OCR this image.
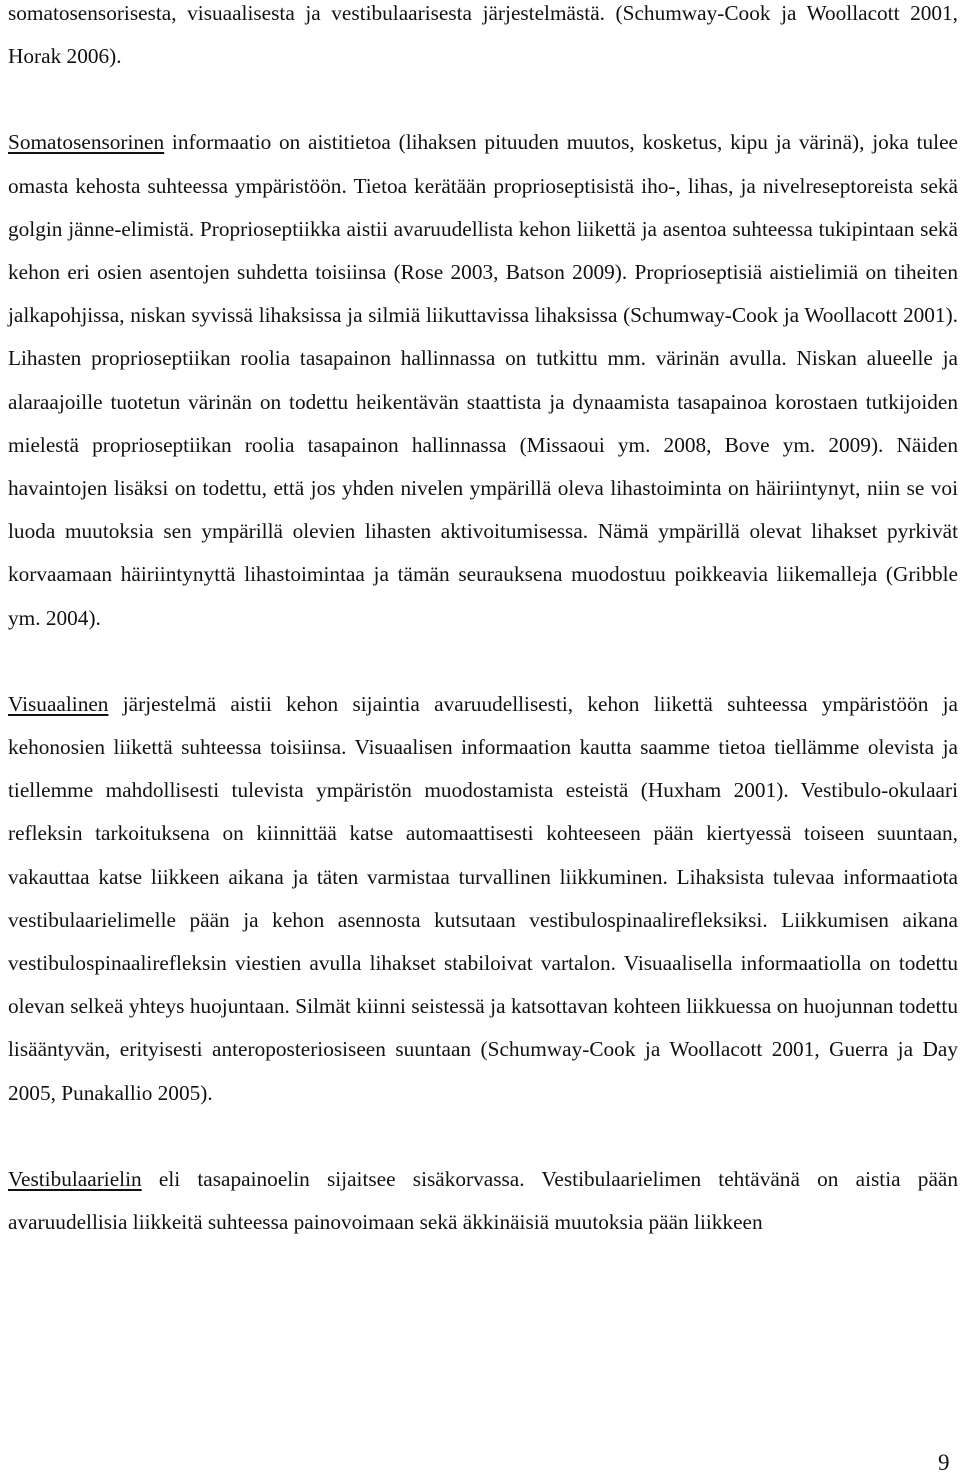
somatosensorisesta, visuaalisesta ja vestibulaarisesta järjestelmästä. (Schumway-Cook ja Woollacott 2001, Horak 2006).

Somatosensorinen informaatio on aistitietoa (lihaksen pituuden muutos, kosketus, kipu ja värinä), joka tulee omasta kehosta suhteessa ympäristöön. Tietoa kerätään proprioseptisistä iho-, lihas, ja nivelreseptoreista sekä golgin jänne-elimistä. Proprioseptiikka aistii avaruudellista kehon liikettä ja asentoa suhteessa tukipintaan sekä kehon eri osien asentojen suhdetta toisiinsa (Rose 2003, Batson 2009). Proprioseptisiä aistielimiä on tiheiten jalkapohjissa, niskan syvissä lihaksissa ja silmiä liikuttavissa lihaksissa (Schumway-Cook ja Woollacott 2001). Lihasten proprioseptiikan roolia tasapainon hallinnassa on tutkittu mm. värinän avulla. Niskan alueelle ja alaraajoille tuotetun värinän on todettu heikentävän staattista ja dynaamista tasapainoa korostaen tutkijoiden mielestä proprioseptiikan roolia tasapainon hallinnassa (Missaoui ym. 2008, Bove ym. 2009). Näiden havaintojen lisäksi on todettu, että jos yhden nivelen ympärillä oleva lihastoiminta on häiriintynyt, niin se voi luoda muutoksia sen ympärillä olevien lihasten aktivoitumisessa. Nämä ympärillä olevat lihakset pyrkivät korvaamaan häiriintynyttä lihastoimintaa ja tämän seurauksena muodostuu poikkeavia liikemalleja (Gribble ym. 2004).

Visuaalinen järjestelmä aistii kehon sijaintia avaruudellisesti, kehon liikettä suhteessa ympäristöön ja kehonosien liikettä suhteessa toisiinsa. Visuaalisen informaation kautta saamme tietoa tiellämme olevista ja tiellemme mahdollisesti tulevista ympäristön muodostamista esteistä (Huxham 2001). Vestibulo-okulaari refleksin tarkoituksena on kiinnittää katse automaattisesti kohteeseen pään kiertyessä toiseen suuntaan, vakauttaa katse liikkeen aikana ja täten varmistaa turvallinen liikkuminen. Lihaksista tulevaa informaatiota vestibulaarielimelle pään ja kehon asennosta kutsutaan vestibulospinaalirefleksiksi. Liikkumisen aikana vestibulospinaalirefleksin viestien avulla lihakset stabiloivat vartalon. Visuaalisella informaatiolla on todettu olevan selkeä yhteys huojuntaan. Silmät kiinni seistessä ja katsottavan kohteen liikkuessa on huojunnan todettu lisääntyvän, erityisesti anteroposteriosiseen suuntaan (Schumway-Cook ja Woollacott 2001, Guerra ja Day 2005, Punakallio 2005).

Vestibulaarielin eli tasapainoelin sijaitsee sisäkorvassa. Vestibulaarielimen tehtävänä on aistia pään avaruudellisia liikkeitä suhteessa painovoimaan sekä äkkinäisiä muutoksia pään liikkeen

9
